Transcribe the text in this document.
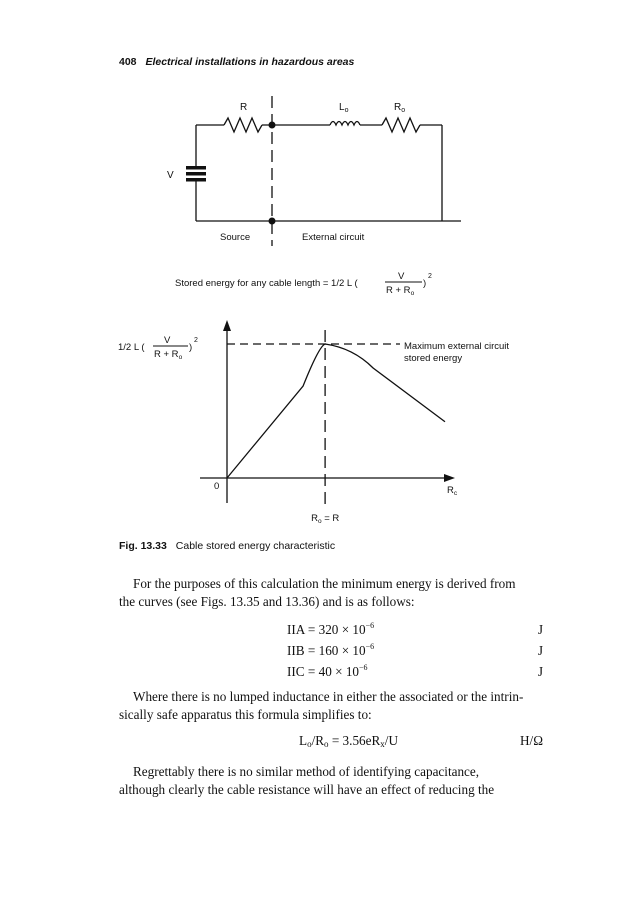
408 Electrical installations in hazardous areas
R	$L_o$	$R_o$
V
Source	External circuit
Stored energy for any cable length = 1/2 L (
V
$R + R_o$
)
2
1/2 L (
V
$R + R_o$
)
2
0	$R_c$
Maximum external circuit
stored energy
$R_o = R$
Fig. 13.33 Cable stored energy characteristic
For the purposes of this calculation the minimum energy is derived from
the curves (see Figs. 13.35 and 13.36) and is as follows:
IIA = $320 \times 10^{-6}$	J
IIB = $160 \times 10^{-6}$	J
IIC = $40 \times 10^{-6}$	J
Where there is no lumped inductance in either the associated or the intrin-
sically safe apparatus this formula simplifies to:
$L_o/R_o = 3.56eR_x/U$	H/Ω
Regrettably there is no similar method of identifying capacitance,
although clearly the cable resistance will have an effect of reducing the
